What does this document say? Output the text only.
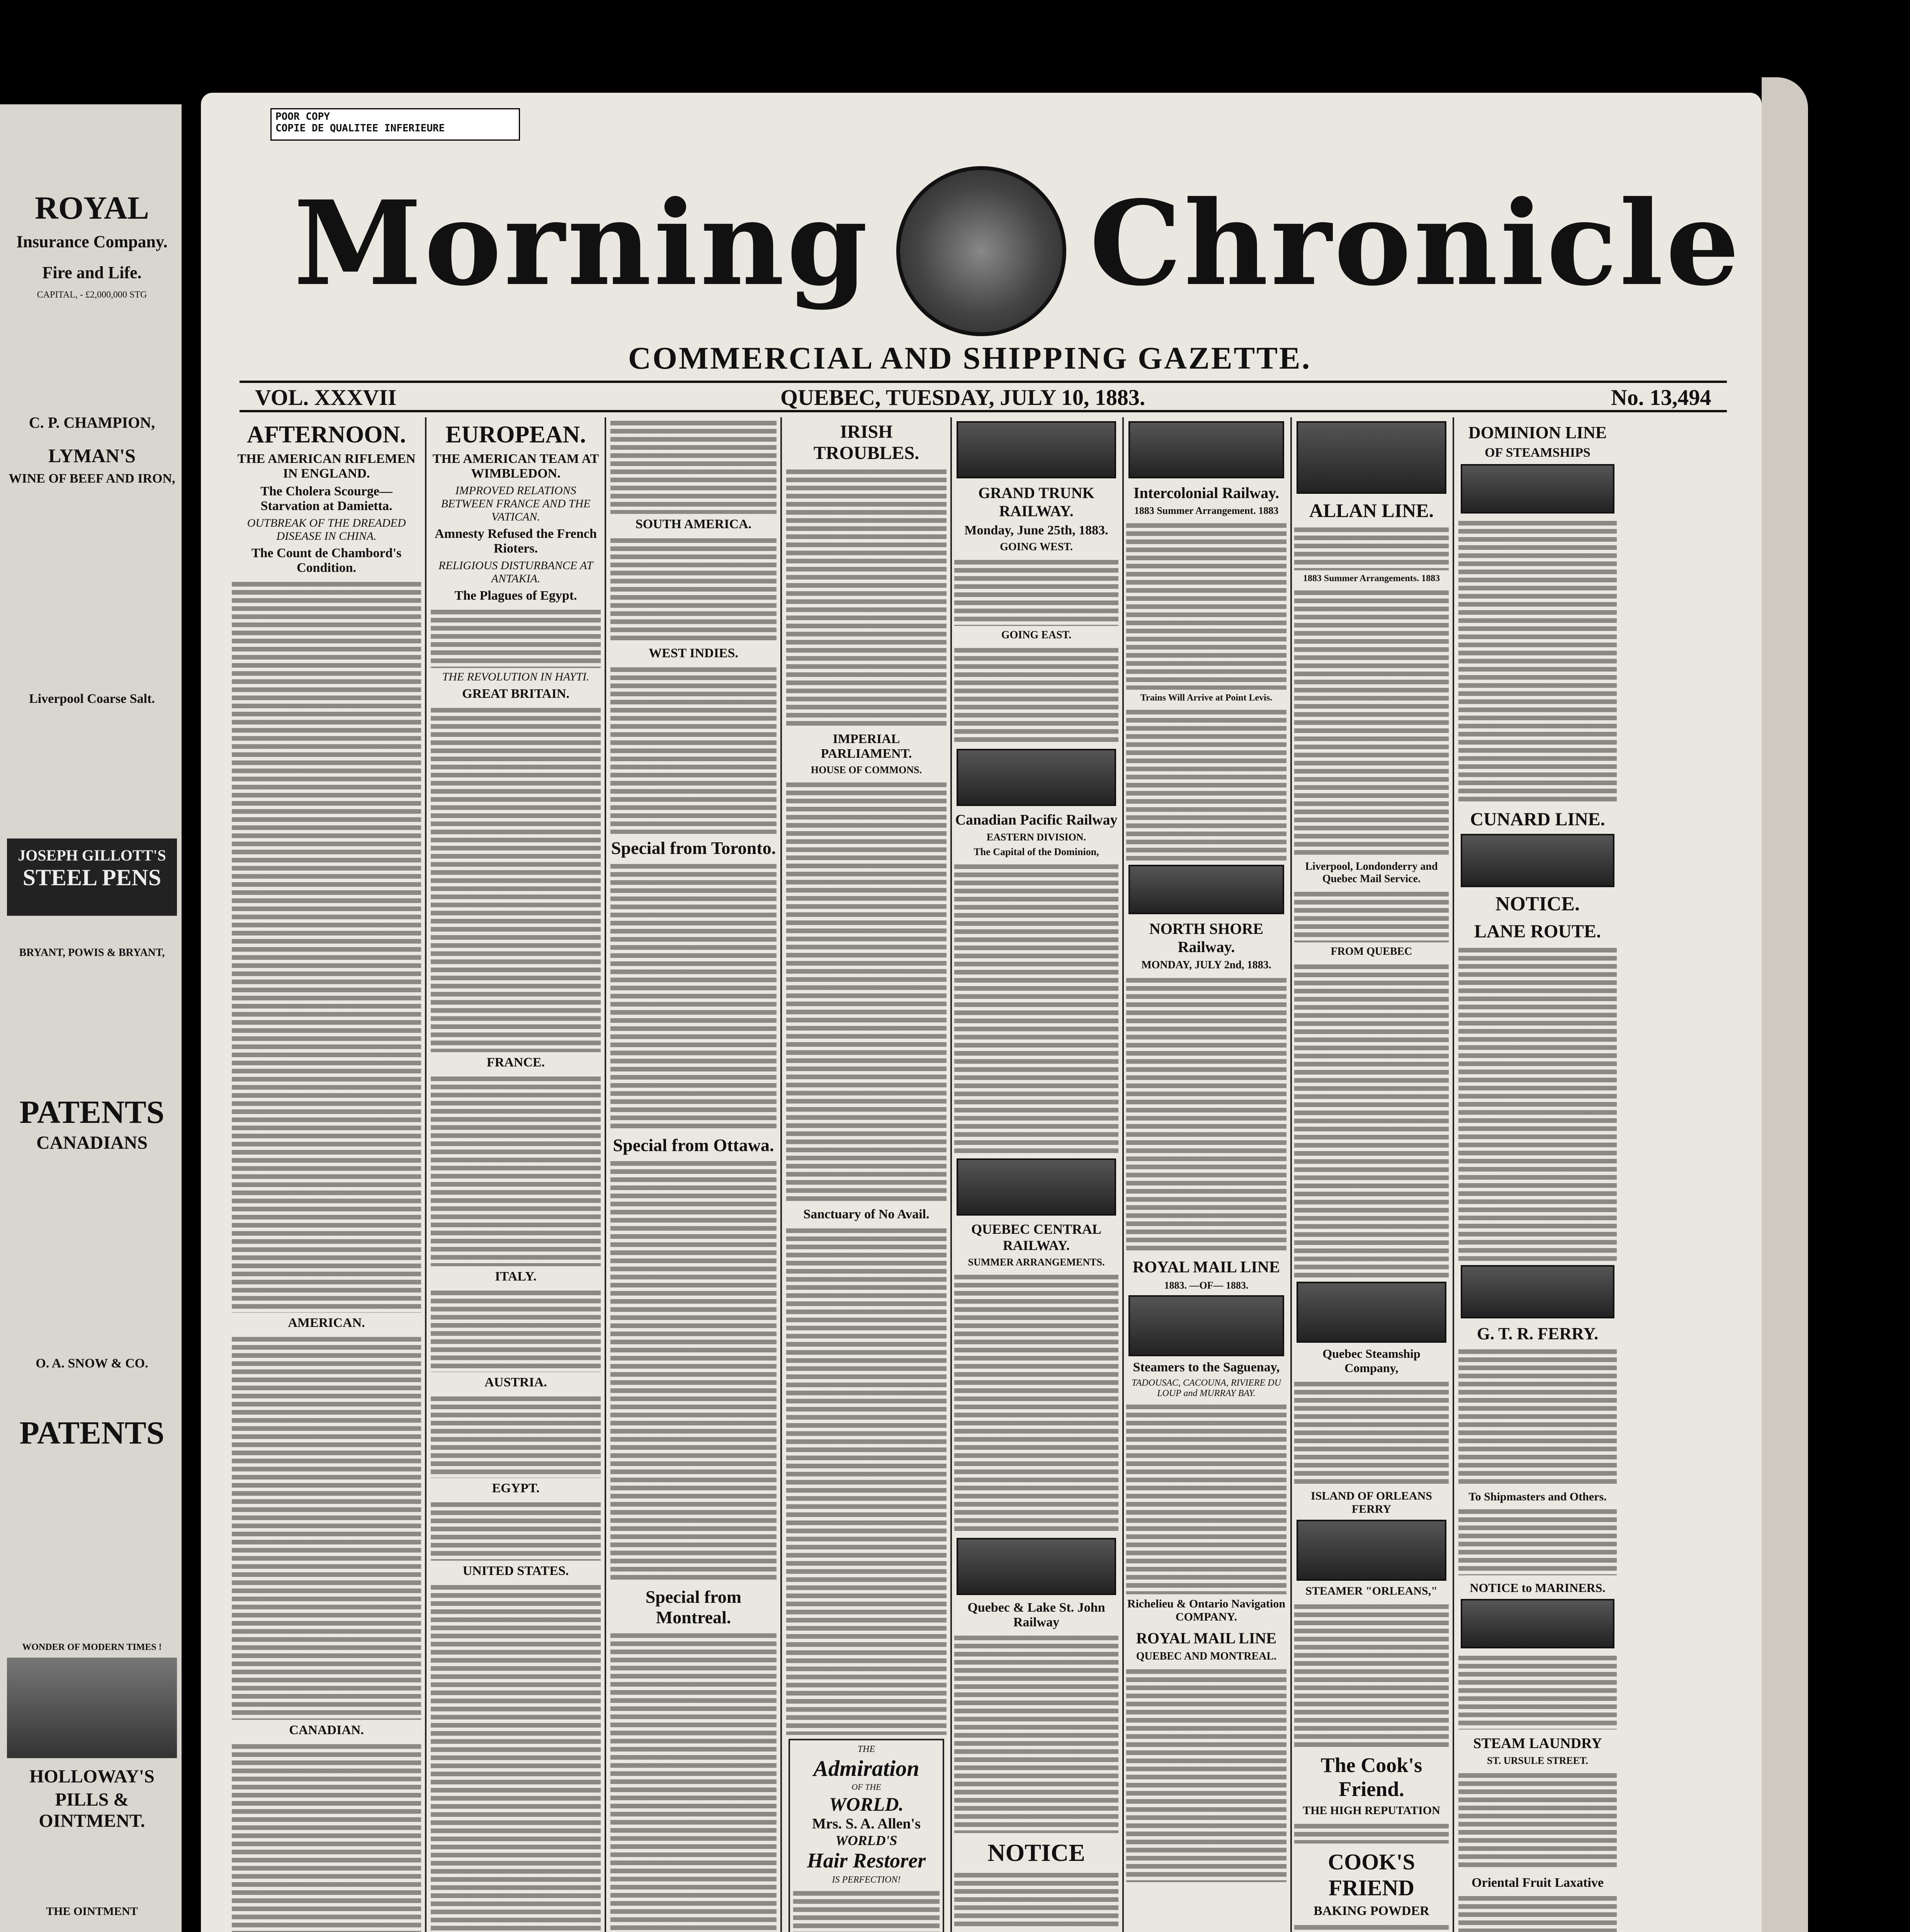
ROYAL
Insurance Company.
Fire and Life.
CAPITAL, - £2,000,000 STG
C. P. CHAMPION,
LYMAN'S
WINE OF BEEF AND IRON,
Liverpool Coarse Salt.
JOSEPH GILLOTT'S
STEEL PENS
BRYANT, POWIS & BRYANT,
PATENTS
CANADIANS
O. A. SNOW & CO.
PATENTS
WONDER OF MODERN TIMES !
HOLLOWAY'S
PILLS & OINTMENT.
THE OINTMENT
POOR COPY
COPIE DE QUALITEE INFERIEURE
Morning Chronicle
COMMERCIAL AND SHIPPING GAZETTE.
VOL. XXXVII	QUEBEC, TUESDAY, JULY 10, 1883.	No. 13,494
AFTERNOON.
THE AMERICAN RIFLEMEN IN ENGLAND.
The Cholera Scourge—Starvation at Damietta.
OUTBREAK OF THE DREADED DISEASE IN CHINA.
The Count de Chambord's Condition.
AMERICAN.
CANADIAN.
EUROPEAN.
THE AMERICAN TEAM AT WIMBLEDON.
IMPROVED RELATIONS BETWEEN FRANCE AND THE VATICAN.
Amnesty Refused the French Rioters.
RELIGIOUS DISTURBANCE AT ANTAKIA.
The Plagues of Egypt.
THE REVOLUTION IN HAYTI.
GREAT BRITAIN.
FRANCE.
ITALY.
AUSTRIA.
EGYPT.
UNITED STATES.
SOUTH AMERICA.
WEST INDIES.
Special from Toronto.
Special from Ottawa.
Special from Montreal.
IRISH TROUBLES.
IMPERIAL PARLIAMENT.
HOUSE OF COMMONS.
Sanctuary of No Avail.
THE
Admiration
OF THE
WORLD.
Mrs. S. A. Allen's
WORLD'S
Hair Restorer
IS PERFECTION!
GRAND TRUNK RAILWAY.
Monday, June 25th, 1883.
GOING WEST.
GOING EAST.
Canadian Pacific Railway
EASTERN DIVISION.
The Capital of the Dominion,
QUEBEC CENTRAL RAILWAY.
SUMMER ARRANGEMENTS.
Quebec & Lake St. John Railway
NOTICE
Intercolonial Railway.
1883 Summer Arrangement. 1883
Trains Will Arrive at Point Levis.
NORTH SHORE Railway.
MONDAY, JULY 2nd, 1883.
ROYAL MAIL LINE
1883. —OF— 1883.
Steamers to the Saguenay,
TADOUSAC, CACOUNA, RIVIERE DU LOUP and MURRAY BAY.
Richelieu & Ontario Navigation COMPANY.
ROYAL MAIL LINE
QUEBEC AND MONTREAL.
ALLAN LINE.
1883 Summer Arrangements. 1883
Liverpool, Londonderry and Quebec Mail Service.
FROM QUEBEC
Quebec Steamship Company,
ISLAND OF ORLEANS FERRY
STEAMER "ORLEANS,"
The Cook's Friend.
THE HIGH REPUTATION
COOK'S FRIEND
BAKING POWDER
DOMINION LINE
OF STEAMSHIPS
CUNARD LINE.
NOTICE.
LANE ROUTE.
G. T. R. FERRY.
To Shipmasters and Others.
NOTICE to MARINERS.
STEAM LAUNDRY
ST. URSULE STREET.
Oriental Fruit Laxative
